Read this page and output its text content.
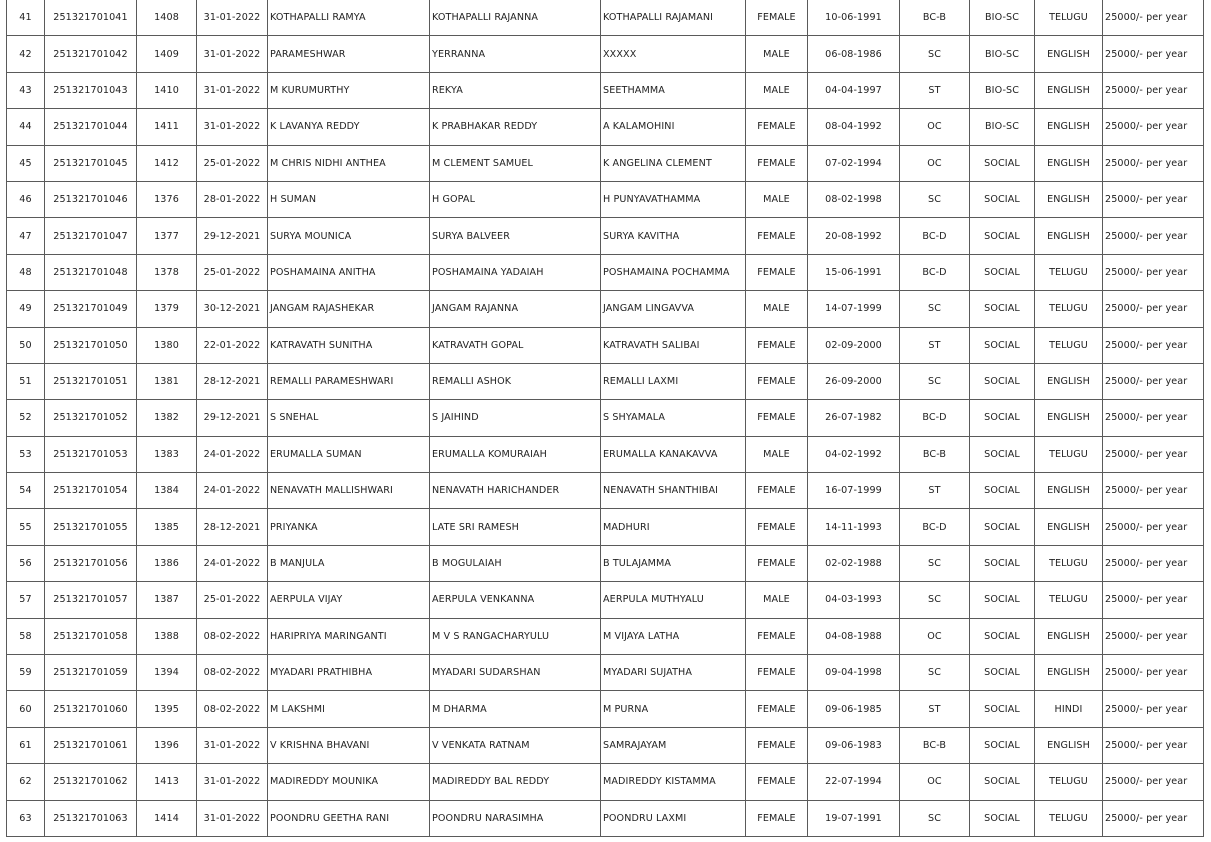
41	251321701041	1408	31-01-2022	KOTHAPALLI RAMYA	KOTHAPALLI RAJANNA	KOTHAPALLI RAJAMANI	FEMALE	10-06-1991	BC-B	BIO-SC	TELUGU	25000/- per year
42	251321701042	1409	31-01-2022	PARAMESHWAR	YERRANNA	XXXXX	MALE	06-08-1986	SC	BIO-SC	ENGLISH	25000/- per year
43	251321701043	1410	31-01-2022	M KURUMURTHY	REKYA	SEETHAMMA	MALE	04-04-1997	ST	BIO-SC	ENGLISH	25000/- per year
44	251321701044	1411	31-01-2022	K LAVANYA REDDY	K PRABHAKAR REDDY	A KALAMOHINI	FEMALE	08-04-1992	OC	BIO-SC	ENGLISH	25000/- per year
45	251321701045	1412	25-01-2022	M CHRIS NIDHI ANTHEA	M CLEMENT SAMUEL	K ANGELINA CLEMENT	FEMALE	07-02-1994	OC	SOCIAL	ENGLISH	25000/- per year
46	251321701046	1376	28-01-2022	H SUMAN	H GOPAL	H PUNYAVATHAMMA	MALE	08-02-1998	SC	SOCIAL	ENGLISH	25000/- per year
47	251321701047	1377	29-12-2021	SURYA MOUNICA	SURYA BALVEER	SURYA KAVITHA	FEMALE	20-08-1992	BC-D	SOCIAL	ENGLISH	25000/- per year
48	251321701048	1378	25-01-2022	POSHAMAINA ANITHA	POSHAMAINA YADAIAH	POSHAMAINA POCHAMMA	FEMALE	15-06-1991	BC-D	SOCIAL	TELUGU	25000/- per year
49	251321701049	1379	30-12-2021	JANGAM RAJASHEKAR	JANGAM RAJANNA	JANGAM LINGAVVA	MALE	14-07-1999	SC	SOCIAL	TELUGU	25000/- per year
50	251321701050	1380	22-01-2022	KATRAVATH SUNITHA	KATRAVATH GOPAL	KATRAVATH SALIBAI	FEMALE	02-09-2000	ST	SOCIAL	TELUGU	25000/- per year
51	251321701051	1381	28-12-2021	REMALLI PARAMESHWARI	REMALLI ASHOK	REMALLI LAXMI	FEMALE	26-09-2000	SC	SOCIAL	ENGLISH	25000/- per year
52	251321701052	1382	29-12-2021	S SNEHAL	S JAIHIND	S SHYAMALA	FEMALE	26-07-1982	BC-D	SOCIAL	ENGLISH	25000/- per year
53	251321701053	1383	24-01-2022	ERUMALLA SUMAN	ERUMALLA KOMURAIAH	ERUMALLA KANAKAVVA	MALE	04-02-1992	BC-B	SOCIAL	TELUGU	25000/- per year
54	251321701054	1384	24-01-2022	NENAVATH MALLISHWARI	NENAVATH HARICHANDER	NENAVATH SHANTHIBAI	FEMALE	16-07-1999	ST	SOCIAL	ENGLISH	25000/- per year
55	251321701055	1385	28-12-2021	PRIYANKA	LATE SRI RAMESH	MADHURI	FEMALE	14-11-1993	BC-D	SOCIAL	ENGLISH	25000/- per year
56	251321701056	1386	24-01-2022	B MANJULA	B MOGULAIAH	B TULAJAMMA	FEMALE	02-02-1988	SC	SOCIAL	TELUGU	25000/- per year
57	251321701057	1387	25-01-2022	AERPULA VIJAY	AERPULA VENKANNA	AERPULA MUTHYALU	MALE	04-03-1993	SC	SOCIAL	TELUGU	25000/- per year
58	251321701058	1388	08-02-2022	HARIPRIYA MARINGANTI	M V S RANGACHARYULU	M VIJAYA LATHA	FEMALE	04-08-1988	OC	SOCIAL	ENGLISH	25000/- per year
59	251321701059	1394	08-02-2022	MYADARI PRATHIBHA	MYADARI SUDARSHAN	MYADARI SUJATHA	FEMALE	09-04-1998	SC	SOCIAL	ENGLISH	25000/- per year
60	251321701060	1395	08-02-2022	M LAKSHMI	M DHARMA	M PURNA	FEMALE	09-06-1985	ST	SOCIAL	HINDI	25000/- per year
61	251321701061	1396	31-01-2022	V KRISHNA BHAVANI	V VENKATA RATNAM	SAMRAJAYAM	FEMALE	09-06-1983	BC-B	SOCIAL	ENGLISH	25000/- per year
62	251321701062	1413	31-01-2022	MADIREDDY MOUNIKA	MADIREDDY BAL REDDY	MADIREDDY KISTAMMA	FEMALE	22-07-1994	OC	SOCIAL	TELUGU	25000/- per year
63	251321701063	1414	31-01-2022	POONDRU GEETHA RANI	POONDRU NARASIMHA	POONDRU LAXMI	FEMALE	19-07-1991	SC	SOCIAL	TELUGU	25000/- per year
